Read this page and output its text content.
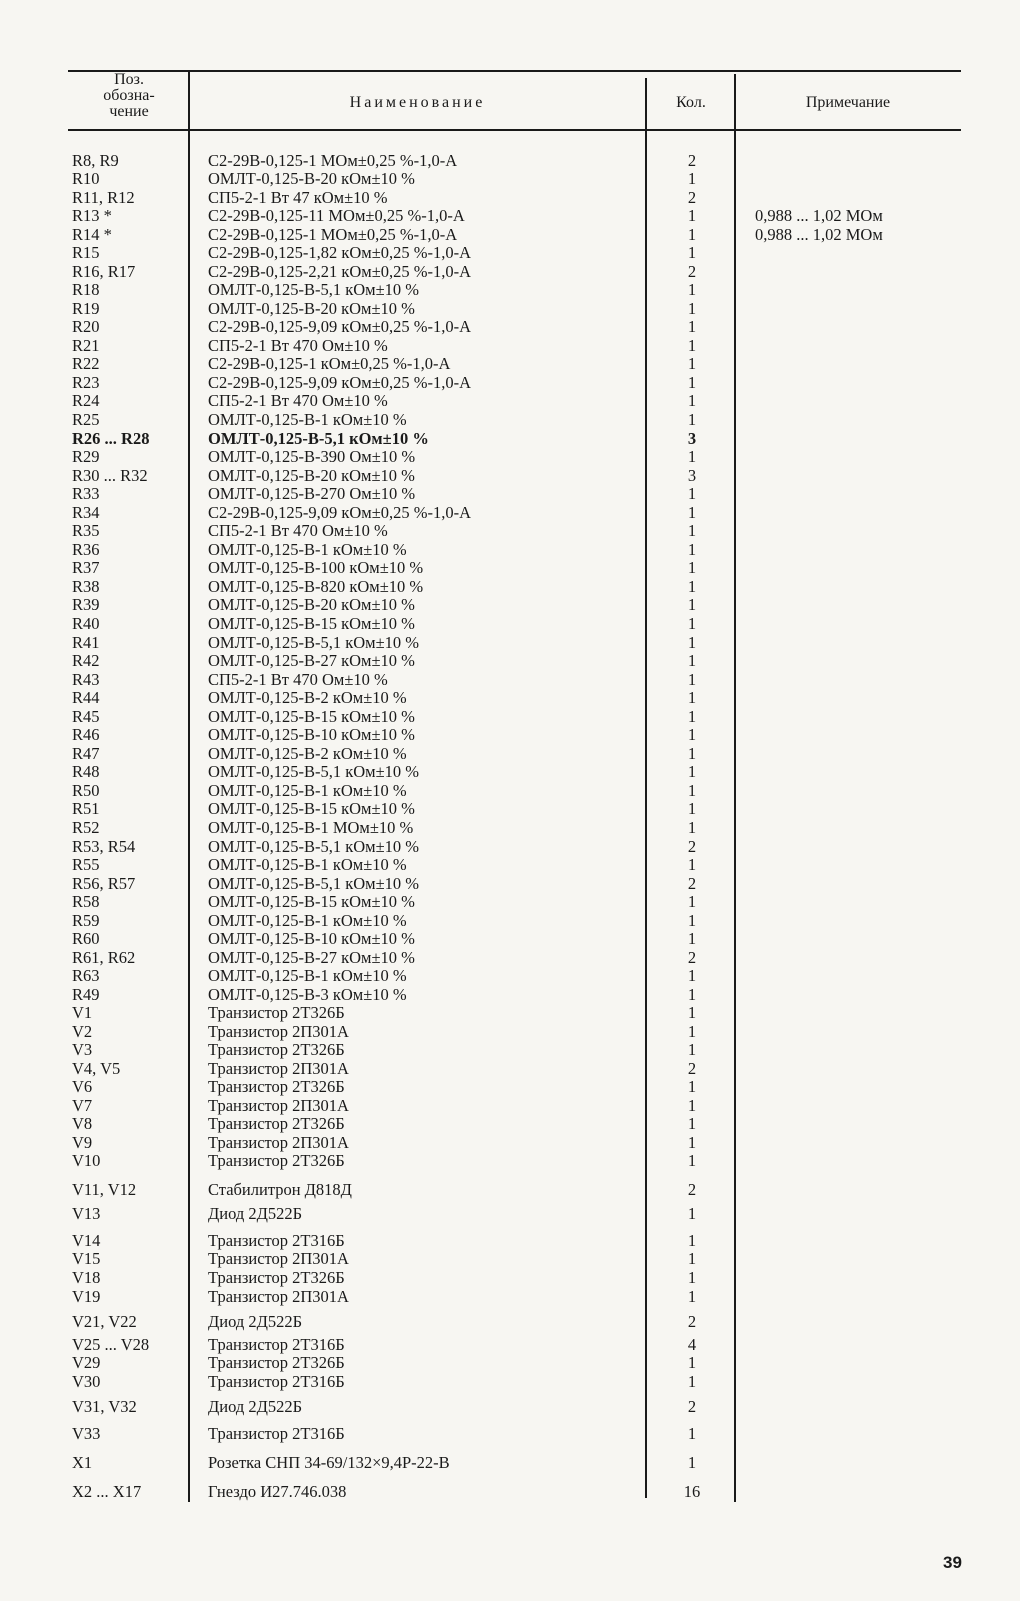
Поз.
обозна-
чение
Наименование	Кол.	Примечание
R8, R9	С2-29В-0,125-1 МОм±0,25 %-1,0-А	2
R10	ОМЛТ-0,125-В-20 кОм±10 %	1
R11, R12	СП5-2-1 Вт 47 кОм±10 %	2
R13 *	С2-29В-0,125-11 МОм±0,25 %-1,0-А	1	0,988 ... 1,02 МОм
R14 *	С2-29В-0,125-1 МОм±0,25 %-1,0-А	1	0,988 ... 1,02 МОм
R15	С2-29В-0,125-1,82 кОм±0,25 %-1,0-А	1
R16, R17	С2-29В-0,125-2,21 кОм±0,25 %-1,0-А	2
R18	ОМЛТ-0,125-В-5,1 кОм±10 %	1
R19	ОМЛТ-0,125-В-20 кОм±10 %	1
R20	С2-29В-0,125-9,09 кОм±0,25 %-1,0-А	1
R21	СП5-2-1 Вт 470 Ом±10 %	1
R22	С2-29В-0,125-1 кОм±0,25 %-1,0-А	1
R23	С2-29В-0,125-9,09 кОм±0,25 %-1,0-А	1
R24	СП5-2-1 Вт 470 Ом±10 %	1
R25	ОМЛТ-0,125-В-1 кОм±10 %	1
R26 ... R28	ОМЛТ-0,125-В-5,1 кОм±10 %	3
R29	ОМЛТ-0,125-В-390 Ом±10 %	1
R30 ... R32	ОМЛТ-0,125-В-20 кОм±10 %	3
R33	ОМЛТ-0,125-В-270 Ом±10 %	1
R34	С2-29В-0,125-9,09 кОм±0,25 %-1,0-А	1
R35	СП5-2-1 Вт 470 Ом±10 %	1
R36	ОМЛТ-0,125-В-1 кОм±10 %	1
R37	ОМЛТ-0,125-В-100 кОм±10 %	1
R38	ОМЛТ-0,125-В-820 кОм±10 %	1
R39	ОМЛТ-0,125-В-20 кОм±10 %	1
R40	ОМЛТ-0,125-В-15 кОм±10 %	1
R41	ОМЛТ-0,125-В-5,1 кОм±10 %	1
R42	ОМЛТ-0,125-В-27 кОм±10 %	1
R43	СП5-2-1 Вт 470 Ом±10 %	1
R44	ОМЛТ-0,125-В-2 кОм±10 %	1
R45	ОМЛТ-0,125-В-15 кОм±10 %	1
R46	ОМЛТ-0,125-В-10 кОм±10 %	1
R47	ОМЛТ-0,125-В-2 кОм±10 %	1
R48	ОМЛТ-0,125-В-5,1 кОм±10 %	1
R50	ОМЛТ-0,125-В-1 кОм±10 %	1
R51	ОМЛТ-0,125-В-15 кОм±10 %	1
R52	ОМЛТ-0,125-В-1 МОм±10 %	1
R53, R54	ОМЛТ-0,125-В-5,1 кОм±10 %	2
R55	ОМЛТ-0,125-В-1 кОм±10 %	1
R56, R57	ОМЛТ-0,125-В-5,1 кОм±10 %	2
R58	ОМЛТ-0,125-В-15 кОм±10 %	1
R59	ОМЛТ-0,125-В-1 кОм±10 %	1
R60	ОМЛТ-0,125-В-10 кОм±10 %	1
R61, R62	ОМЛТ-0,125-В-27 кОм±10 %	2
R63	ОМЛТ-0,125-В-1 кОм±10 %	1
R49	ОМЛТ-0,125-В-3 кОм±10 %	1
V1	Транзистор 2Т326Б	1
V2	Транзистор 2П301А	1
V3	Транзистор 2Т326Б	1
V4, V5	Транзистор 2П301А	2
V6	Транзистор 2Т326Б	1
V7	Транзистор 2П301А	1
V8	Транзистор 2Т326Б	1
V9	Транзистор 2П301А	1
V10	Транзистор 2Т326Б	1
V11, V12	Стабилитрон Д818Д	2
V13	Диод 2Д522Б	1
V14	Транзистор 2Т316Б	1
V15	Транзистор 2П301А	1
V18	Транзистор 2Т326Б	1
V19	Транзистор 2П301А	1
V21, V22	Диод 2Д522Б	2
V25 ... V28	Транзистор 2Т316Б	4
V29	Транзистор 2Т326Б	1
V30	Транзистор 2Т316Б	1
V31, V32	Диод 2Д522Б	2
V33	Транзистор 2Т316Б	1
X1	Розетка СНП 34-69/132×9,4Р-22-В	1
X2 ... X17	Гнездо И27.746.038	16
39
